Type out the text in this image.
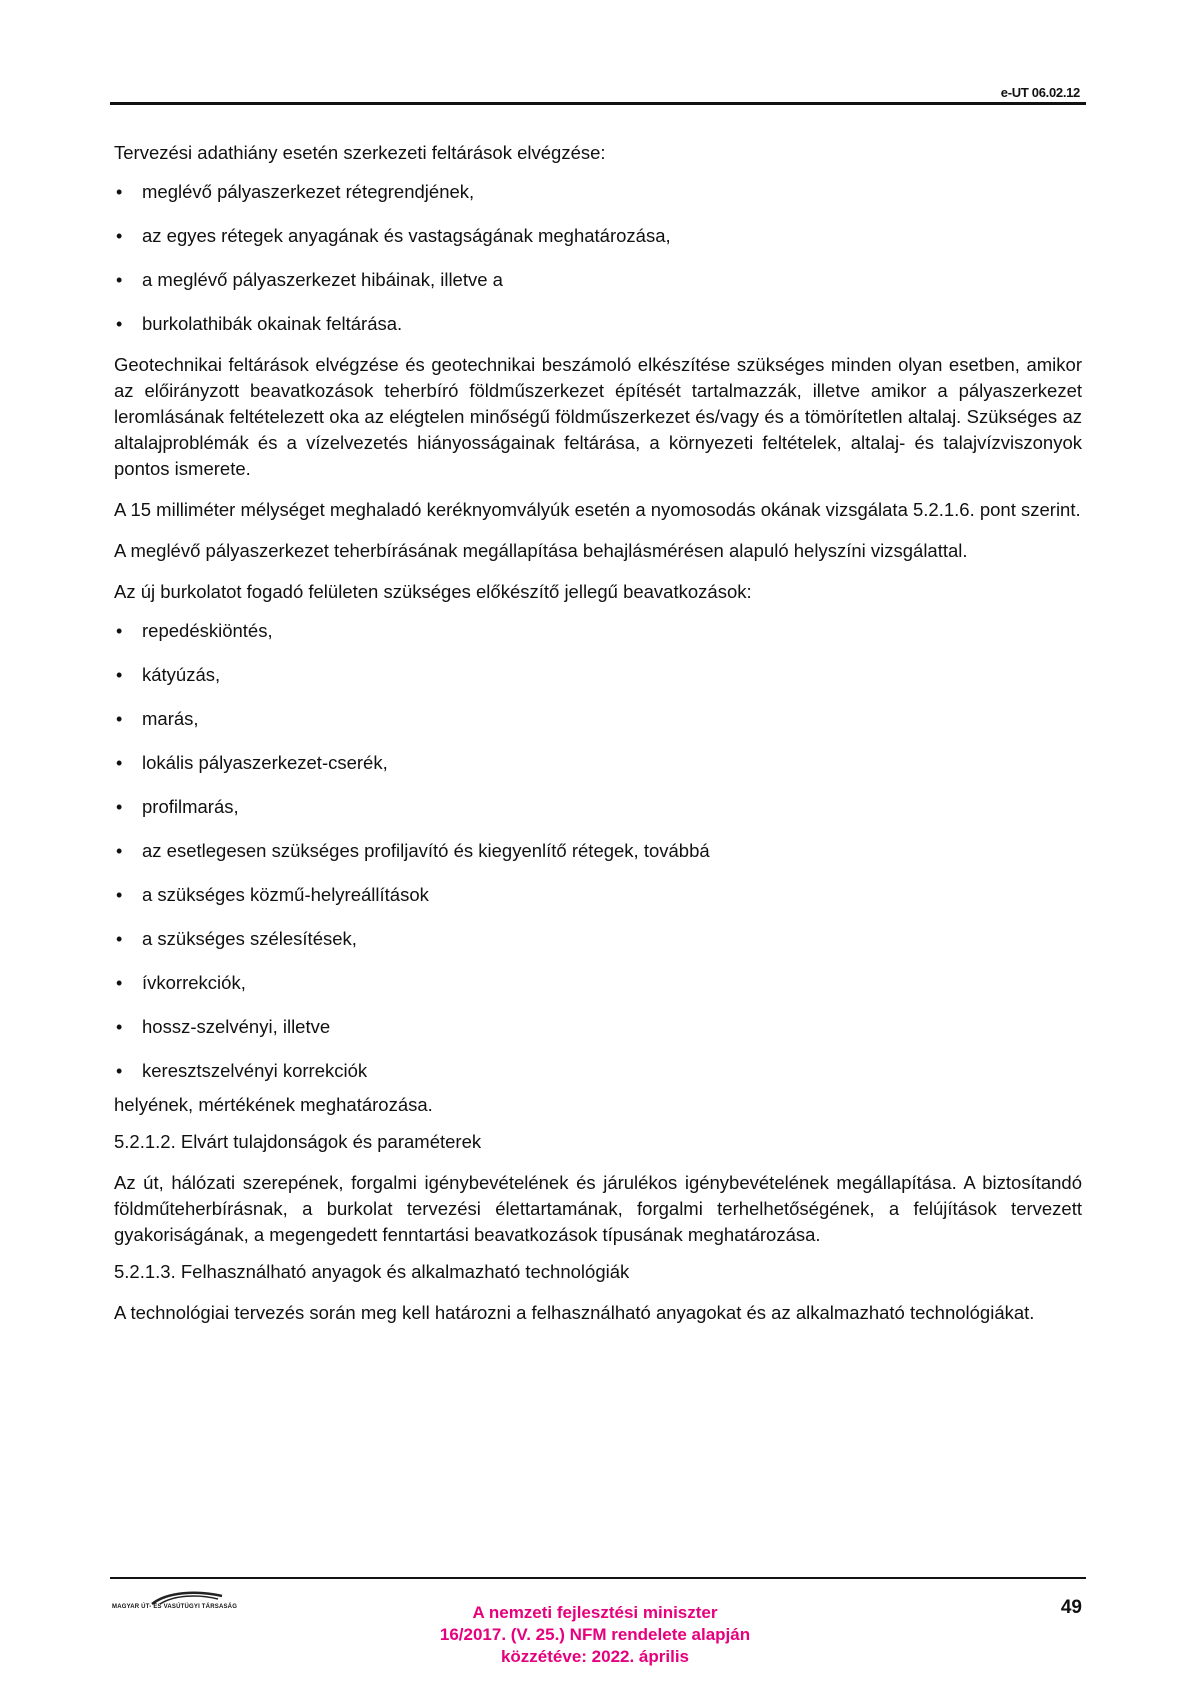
e-UT 06.02.12

Tervezési adathiány esetén szerkezeti feltárások elvégzése:

• meglévő pályaszerkezet rétegrendjének,
• az egyes rétegek anyagának és vastagságának meghatározása,
• a meglévő pályaszerkezet hibáinak, illetve a
• burkolathibák okainak feltárása.

Geotechnikai feltárások elvégzése és geotechnikai beszámoló elkészítése szükséges minden olyan esetben, amikor az előirányzott beavatkozások teherbíró földműszerkezet építését tartalmazzák, illetve amikor a pályaszerkezet leromlásának feltételezett oka az elégtelen minőségű földműszerkezet és/vagy és a tömörítetlen altalaj. Szükséges az altalajproblémák és a vízelvezetés hiányosságainak feltárása, a környezeti feltételek, altalaj- és talajvízviszonyok pontos ismerete.

A 15 milliméter mélységet meghaladó keréknyomvályúk esetén a nyomosodás okának vizsgálata 5.2.1.6. pont szerint.

A meglévő pályaszerkezet teherbírásának megállapítása behajlásmérésen alapuló helyszíni vizsgálattal.

Az új burkolatot fogadó felületen szükséges előkészítő jellegű beavatkozások:

• repedéskiöntés,
• kátyúzás,
• marás,
• lokális pályaszerkezet-cserék,
• profilmarás,
• az esetlegesen szükséges profiljavító és kiegyenlítő rétegek, továbbá
• a szükséges közmű-helyreállítások
• a szükséges szélesítések,
• ívkorrekciók,
• hossz-szelvényi, illetve
• keresztszelvényi korrekciók

helyének, mértékének meghatározása.

5.2.1.2. Elvárt tulajdonságok és paraméterek

Az út, hálózati szerepének, forgalmi igénybevételének és járulékos igénybevételének megállapítása. A biztosítandó földműteherbírásnak, a burkolat tervezési élettartamának, forgalmi terhelhetőségének, a felújítások tervezett gyakoriságának, a megengedett fenntartási beavatkozások típusának meghatározása.

5.2.1.3. Felhasználható anyagok és alkalmazható technológiák

A technológiai tervezés során meg kell határozni a felhasználható anyagokat és az alkalmazható technológiákat.

MAGYAR ÚT- ÉS VASÚTÜGYI TÁRSASÁG	49
A nemzeti fejlesztési miniszter
16/2017. (V. 25.) NFM rendelete alapján
közzétéve: 2022. április
